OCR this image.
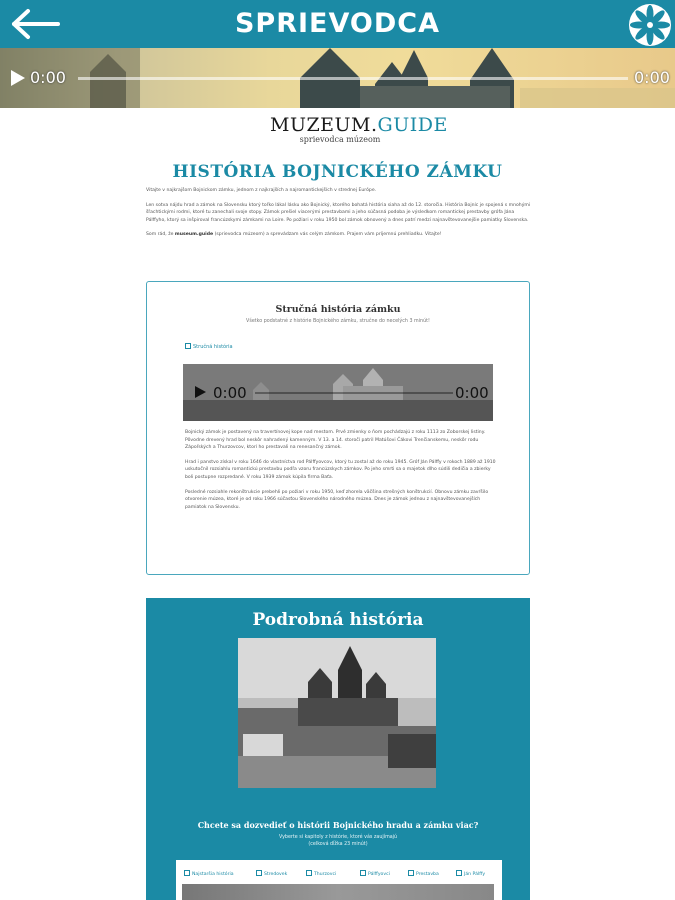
SPRIEVODCA
0:00	0:00
MUZEUM.GUIDE
sprievodca múzeom
HISTÓRIA BOJNICKÉHO ZÁMKU

Vitajte v najkrajšom Bojnickom zámku, jednom z najkrajších a najromantickejších v strednej Európe.

Len sotva nájdu hrad a zámok na Slovensku ktorý toľko lákal lásku ako Bojnický, ktorého bohatá história siaha až do 12. storočia. História Bojníc je spojená s mnohými šľachtickými rodmi, ktoré tu zanechali svoje stopy. Zámok prešiel viacerými prestavbami a jeho súčasná podoba je výsledkom romantickej prestavby grófa Jána Pálffyho, ktorý sa inšpiroval francúzskymi zámkami na Loire. Po požiari v roku 1950 bol zámok obnovený a dnes patrí medzi najnavštevovanejšie pamiatky Slovenska.

Som rád, že museum.guide (sprievodca múzeom) a sprevádzam vás celým zámkom. Prajem vám príjemnú prehliadku. Vitajte!

Stručná história zámku
Všetko podstatné z histórie Bojnického zámku, stručne do necelých 3 minút!
Stručná história
0:00	0:00

Bojnický zámok je postavený na travertínovej kope nad mestom. Prvé zmienky o ňom pochádzajú z roku 1113 zo Zoborskej listiny. Pôvodne drevený hrad bol neskôr nahradený kamenným. V 13. a 14. storočí patril Matúšovi Čákovi Trenčianskemu, neskôr rodu Zápoľských a Thurzovcov, ktorí ho prestavali na renesančný zámok.

Hrad i panstvo získal v roku 1646 do vlastníctva rod Pálffyovcov, ktorý tu zostal až do roku 1945. Gróf Ján Pálffy v rokoch 1889 až 1910 uskutočnil rozsiahlu romantickú prestavbu podľa vzoru francúzskych zámkov. Po jeho smrti sa o majetok dlho súdili dedičia a zbierky boli postupne rozpredané. V roku 1939 zámok kúpila firma Baťa.

Posledné rozsiahle rekonštrukcie prebehli po požiari v roku 1950, keď zhorela väčšina strešných konštrukcií. Obnovu zámku zavŕšilo otvorenie múzea, ktoré je od roku 1966 súčasťou Slovenského národného múzea. Dnes je zámok jednou z najnavštevovanejších pamiatok na Slovensku.

Podrobná história
Chcete sa dozvedieť o histórii Bojnického hradu a zámku viac?
Vyberte si kapitoly z histórie, ktoré vás zaujímajú
(celková dĺžka 23 minút)
Najstaršia história	Stredovek	Thurzovci	Pálffyovci	Prestavba	Ján Pálffy
